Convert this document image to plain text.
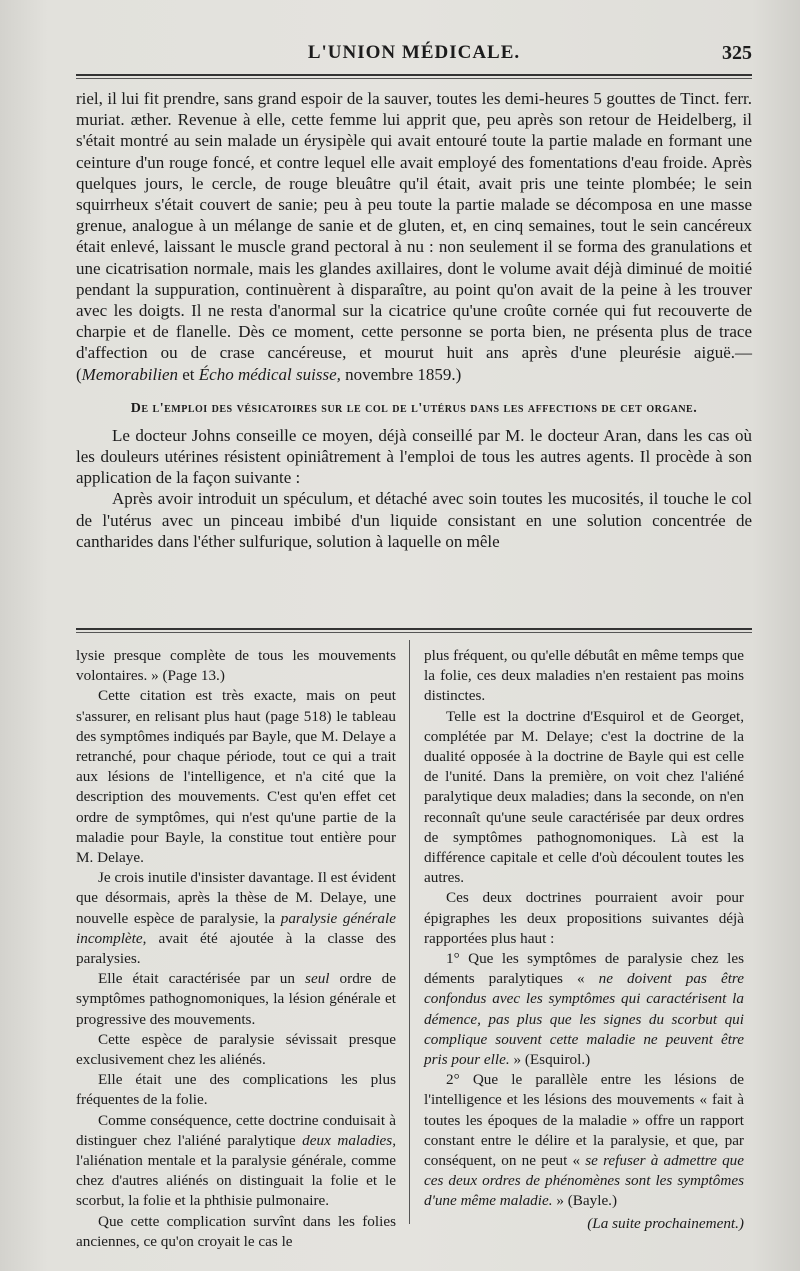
L'UNION MÉDICALE.	325

riel, il lui fit prendre, sans grand espoir de la sauver, toutes les demi-heures 5 gouttes de Tinct. ferr. muriat. æther. Revenue à elle, cette femme lui apprit que, peu après son retour de Heidelberg, il s'était montré au sein malade un érysipèle qui avait entouré toute la partie malade en formant une ceinture d'un rouge foncé, et contre lequel elle avait employé des fomentations d'eau froide. Après quelques jours, le cercle, de rouge bleuâtre qu'il était, avait pris une teinte plombée; le sein squirrheux s'était couvert de sanie; peu à peu toute la partie malade se décomposa en une masse grenue, analogue à un mélange de sanie et de gluten, et, en cinq semaines, tout le sein cancéreux était enlevé, laissant le muscle grand pectoral à nu : non seulement il se forma des granulations et une cicatrisation normale, mais les glandes axillaires, dont le volume avait déjà diminué de moitié pendant la suppuration, continuèrent à disparaître, au point qu'on avait de la peine à les trouver avec les doigts. Il ne resta d'anormal sur la cicatrice qu'une croûte cornée qui fut recouverte de charpie et de flanelle. Dès ce moment, cette personne se porta bien, ne présenta plus de trace d'affection ou de crase cancéreuse, et mourut huit ans après d'une pleurésie aiguë.— (Memorabilien et Écho médical suisse, novembre 1859.)

De l'emploi des vésicatoires sur le col de l'utérus dans les affections de cet organe.

Le docteur Johns conseille ce moyen, déjà conseillé par M. le docteur Aran, dans les cas où les douleurs utérines résistent opiniâtrement à l'emploi de tous les autres agents. Il procède à son application de la façon suivante :

Après avoir introduit un spéculum, et détaché avec soin toutes les mucosités, il touche le col de l'utérus avec un pinceau imbibé d'un liquide consistant en une solution concentrée de cantharides dans l'éther sulfurique, solution à laquelle on mêle

lysie presque complète de tous les mouvements volontaires. » (Page 13.)

Cette citation est très exacte, mais on peut s'assurer, en relisant plus haut (page 518) le tableau des symptômes indiqués par Bayle, que M. Delaye a retranché, pour chaque période, tout ce qui a trait aux lésions de l'intelligence, et n'a cité que la description des mouvements. C'est qu'en effet cet ordre de symptômes, qui n'est qu'une partie de la maladie pour Bayle, la constitue tout entière pour M. Delaye.

Je crois inutile d'insister davantage. Il est évident que désormais, après la thèse de M. Delaye, une nouvelle espèce de paralysie, la paralysie générale incomplète, avait été ajoutée à la classe des paralysies.

Elle était caractérisée par un seul ordre de symptômes pathognomoniques, la lésion générale et progressive des mouvements.

Cette espèce de paralysie sévissait presque exclusivement chez les aliénés.

Elle était une des complications les plus fréquentes de la folie.

Comme conséquence, cette doctrine conduisait à distinguer chez l'aliéné paralytique deux maladies, l'aliénation mentale et la paralysie générale, comme chez d'autres aliénés on distinguait la folie et le scorbut, la folie et la phthisie pulmonaire.

Que cette complication survînt dans les folies anciennes, ce qu'on croyait le cas le

plus fréquent, ou qu'elle débutât en même temps que la folie, ces deux maladies n'en restaient pas moins distinctes.

Telle est la doctrine d'Esquirol et de Georget, complétée par M. Delaye; c'est la doctrine de la dualité opposée à la doctrine de Bayle qui est celle de l'unité. Dans la première, on voit chez l'aliéné paralytique deux maladies; dans la seconde, on n'en reconnaît qu'une seule caractérisée par deux ordres de symptômes pathognomoniques. Là est la différence capitale et celle d'où découlent toutes les autres.

Ces deux doctrines pourraient avoir pour épigraphes les deux propositions suivantes déjà rapportées plus haut :

1° Que les symptômes de paralysie chez les déments paralytiques « ne doivent pas être confondus avec les symptômes qui caractérisent la démence, pas plus que les signes du scorbut qui complique souvent cette maladie ne peuvent être pris pour elle. » (Esquirol.)

2° Que le parallèle entre les lésions de l'intelligence et les lésions des mouvements « fait à toutes les époques de la maladie » offre un rapport constant entre le délire et la paralysie, et que, par conséquent, on ne peut « se refuser à admettre que ces deux ordres de phénomènes sont les symptômes d'une même maladie. » (Bayle.)

(La suite prochainement.)
